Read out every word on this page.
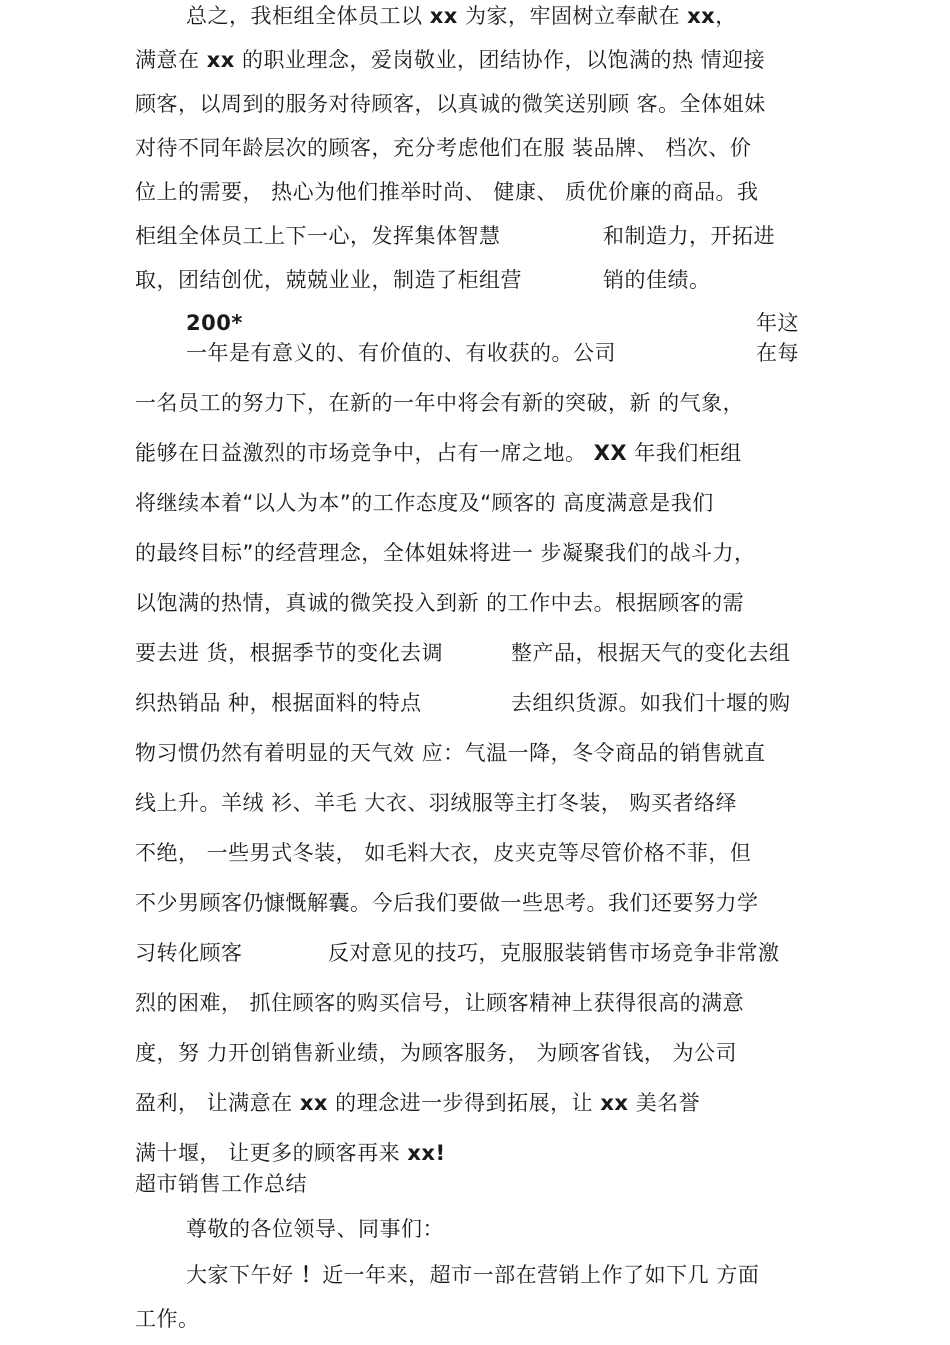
总之，我柜组全体员工以 xx 为家，牢固树立奉献在 xx，
满意在 xx 的职业理念，爱岗敬业，团结协作，以饱满的热 情迎接
顾客，以周到的服务对待顾客，以真诚的微笑送别顾 客。全体姐妹
对待不同年龄层次的顾客，充分考虑他们在服 装品牌、 档次、价
位上的需要， 热心为他们推举时尚、 健康、 质优价廉的商品。我
柜组全体员工上下一心，发挥集体智慧	和制造力，开拓进
取，团结创优，兢兢业业，制造了柜组营	销的佳绩。
200*	年这
一年是有意义的、有价值的、有收获的。公司	在每
一名员工的努力下，在新的一年中将会有新的突破，新 的气象，
能够在日益激烈的市场竞争中，占有一席之地。 XX 年我们柜组
将继续本着“以人为本”的工作态度及“顾客的 高度满意是我们
的最终目标”的经营理念，全体姐妹将进一 步凝聚我们的战斗力，
以饱满的热情，真诚的微笑投入到新 的工作中去。根据顾客的需
要去进 货，根据季节的变化去调	整产品，根据天气的变化去组
织热销品 种，根据面料的特点	去组织货源。如我们十堰的购
物习惯仍然有着明显的天气效 应：气温一降，冬令商品的销售就直
线上升。羊绒 衫、羊毛 大衣、羽绒服等主打冬装， 购买者络绎
不绝， 一些男式冬装， 如毛料大衣，皮夹克等尽管价格不菲，但
不少男顾客仍慷慨解囊。今后我们要做一些思考。我们还要努力学
习转化顾客	反对意见的技巧，克服服装销售市场竞争非常激
烈的困难， 抓住顾客的购买信号，让顾客精神上获得很高的满意
度，努 力开创销售新业绩，为顾客服务， 为顾客省钱， 为公司
盈利， 让满意在 xx 的理念进一步得到拓展，让 xx 美名誉
满十堰， 让更多的顾客再来 xx!
超市销售工作总结
尊敬的各位领导、同事们：
大家下午好 ！近一年来，超市一部在营销上作了如下几 方面
工作。
